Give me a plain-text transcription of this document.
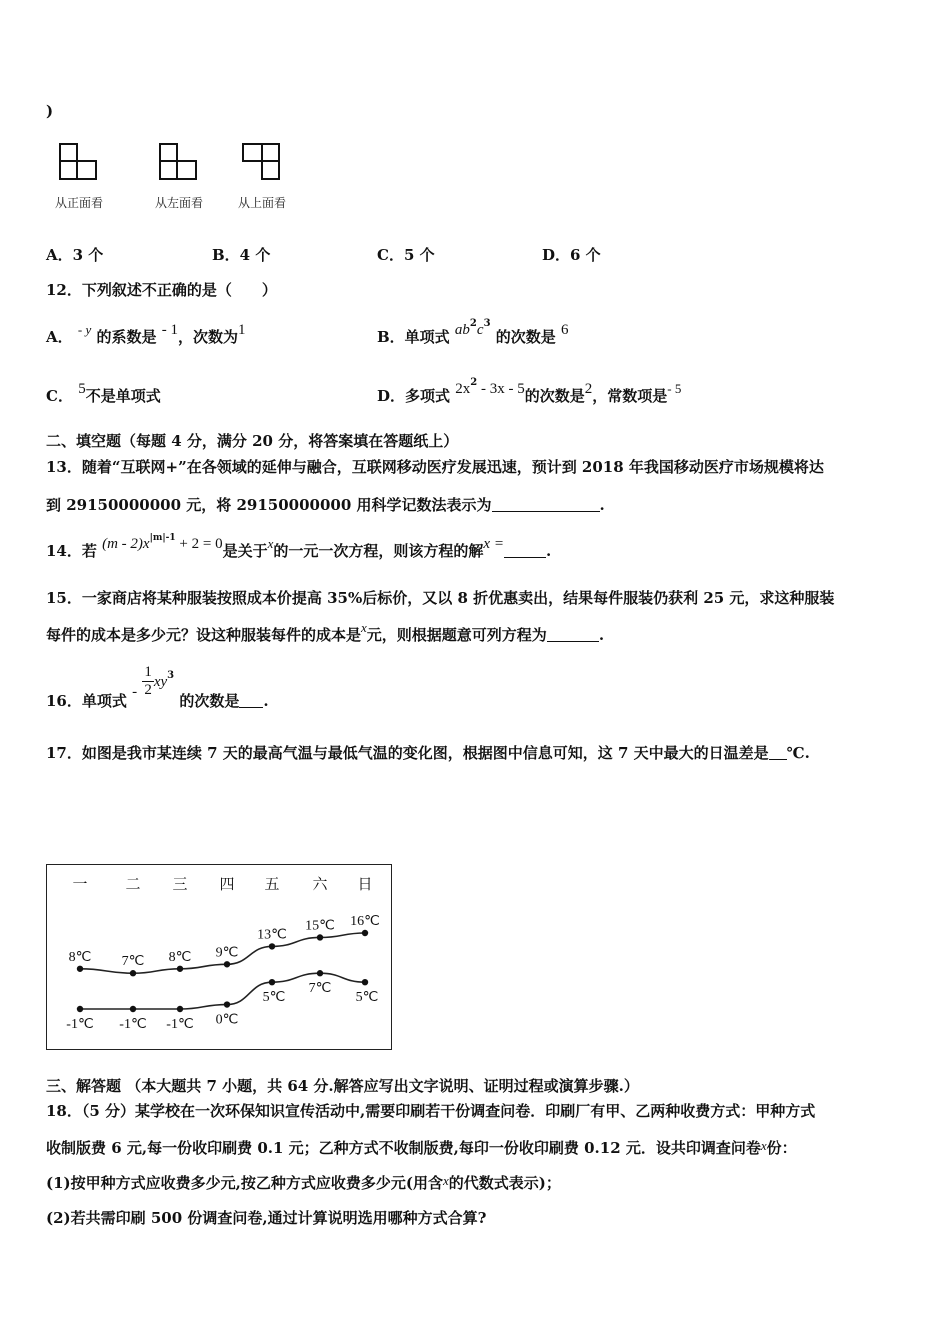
)
从正面看	从左面看	从上面看
A．3 个	B．4 个	C．5 个	D．6 个
12．下列叙述不正确的是（　　）
A． - y 的系数是 - 1，次数为1	B．单项式 $ab^2c^3$ 的次数是 6
C． 5不是单项式	D．多项式 $2x^2 - 3x - 5$的次数是2，常数项是- 5
二、填空题（每题 4 分，满分 20 分，将答案填在答题纸上）
13．随着“互联网+”在各领域的延伸与融合，互联网移动医疗发展迅速，预计到 2018 年我国移动医疗市场规模将达
到 29150000000 元，将 29150000000 用科学记数法表示为	.
14．若 $(m - 2)x^{|m|-1} + 2 = 0$是关于x的一元一次方程，则该方程的解x =	.
15．一家商店将某种服装按照成本价提高 35%后标价，又以 8 折优惠卖出，结果每件服装仍获利 25 元，求这种服装
每件的成本是多少元？设这种服装每件的成本是x元，则根据题意可列方程为	.
16．单项式 - $\frac{1}{2} xy^3$ 的次数是 .
17．如图是我市某连续 7 天的最高气温与最低气温的变化图，根据图中信息可知，这 7 天中最大的日温差是 ℃.
一	二 三 四 五 六 日
8℃ 7℃ 8℃ 9℃
13℃
15℃ 16℃
-1℃ -1℃ -1℃ 0℃
5℃
7℃
5℃
三、解答题 （本大题共 7 小题，共 64 分.解答应写出文字说明、证明过程或演算步骤.）
18．（5 分）某学校在一次环保知识宣传活动中,需要印刷若干份调查问卷．印刷厂有甲、乙两种收费方式：甲种方式
收制版费 6 元,每一份收印刷费 0.1 元；乙种方式不收制版费,每印一份收印刷费 0.12 元．设共印调查问卷x份：
(1)按甲种方式应收费多少元,按乙种方式应收费多少元(用含x的代数式表示)；
(2)若共需印刷 500 份调查问卷,通过计算说明选用哪种方式合算?
